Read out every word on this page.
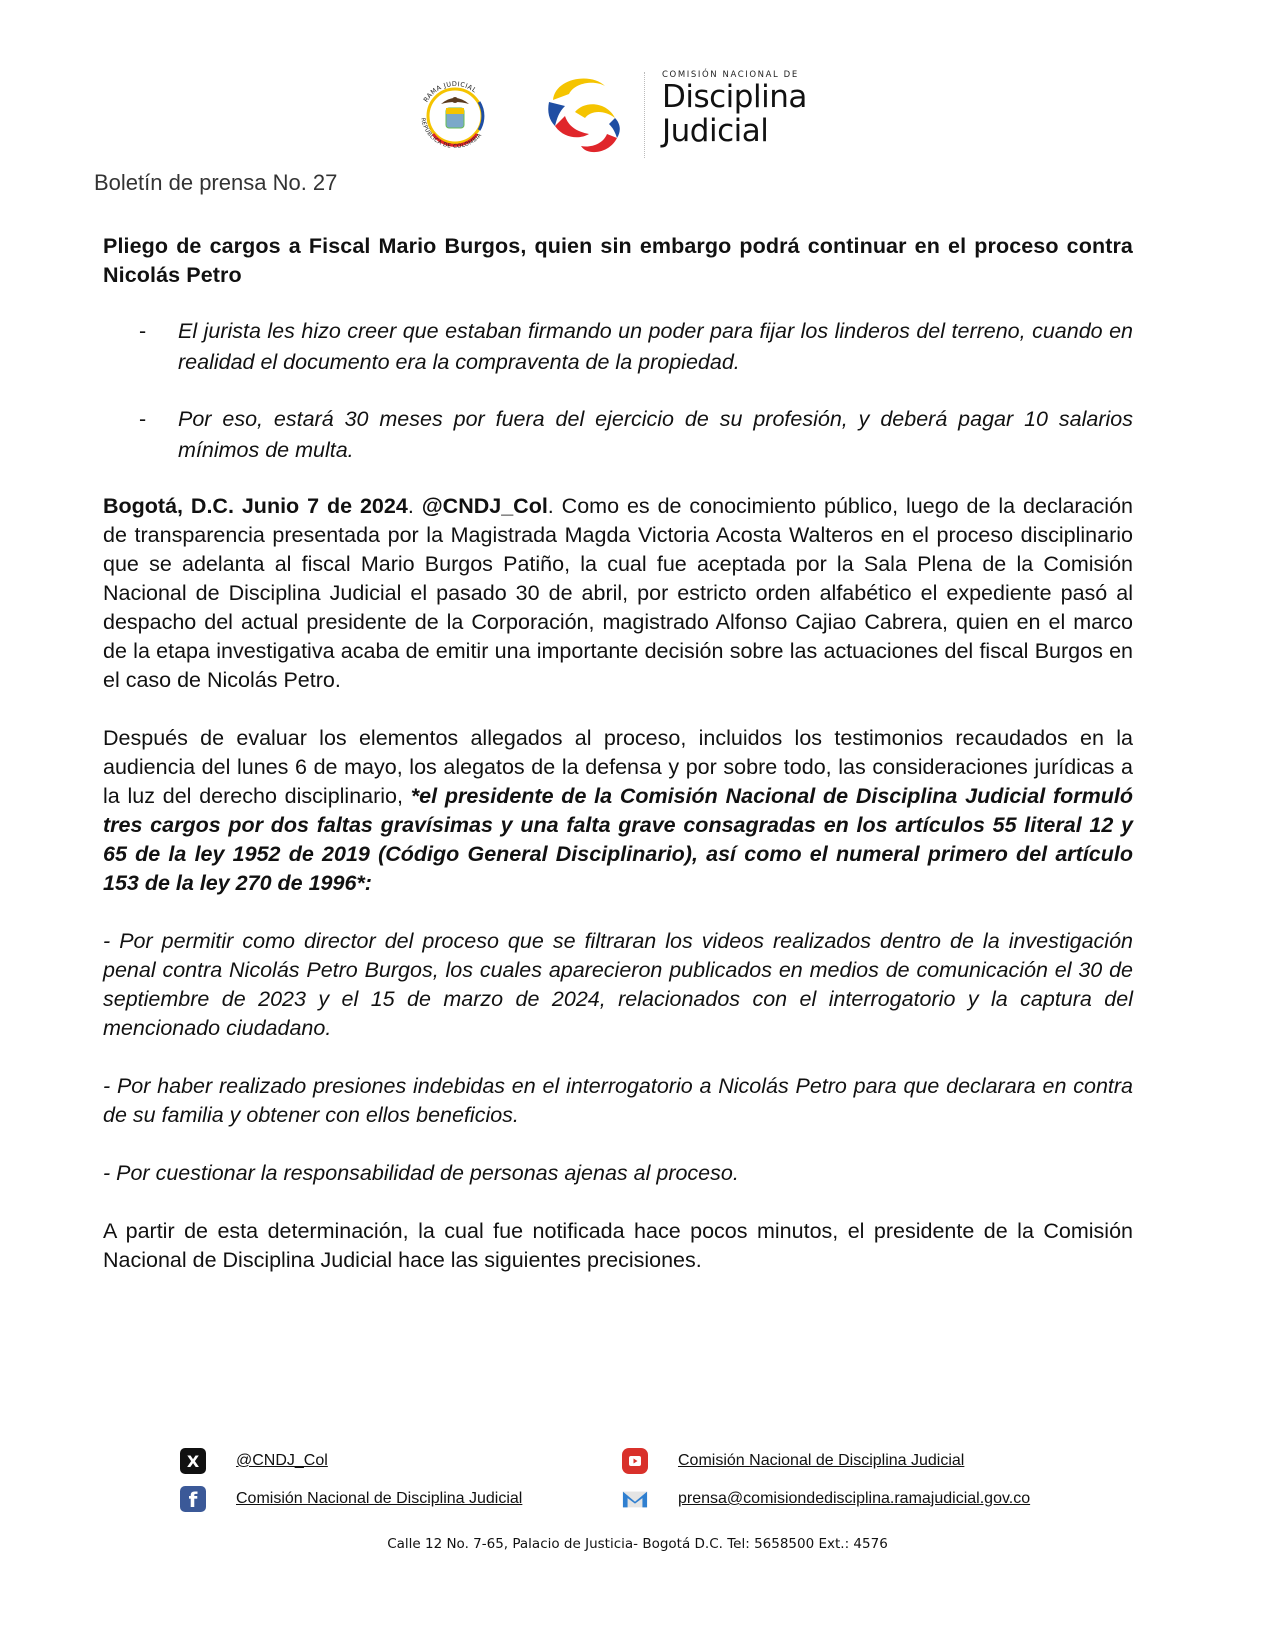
RAMA JUDICIAL
REPÚBLICA DE COLOMBIA
COMISIÓN NACIONAL DE
Disciplina
Judicial
Boletín de prensa No. 27
Pliego de cargos a Fiscal Mario Burgos, quien sin embargo podrá continuar en el proceso contra Nicolás Petro
- El jurista les hizo creer que estaban firmando un poder para fijar los linderos del terreno, cuando en realidad el documento era la compraventa de la propiedad.
- Por eso, estará 30 meses por fuera del ejercicio de su profesión, y deberá pagar 10 salarios mínimos de multa.

Bogotá, D.C. Junio 7 de 2024. @CNDJ_Col. Como es de conocimiento público, luego de la declaración de transparencia presentada por la Magistrada Magda Victoria Acosta Walteros en el proceso disciplinario que se adelanta al fiscal Mario Burgos Patiño, la cual fue aceptada por la Sala Plena de la Comisión Nacional de Disciplina Judicial el pasado 30 de abril, por estricto orden alfabético el expediente pasó al despacho del actual presidente de la Corporación, magistrado Alfonso Cajiao Cabrera, quien en el marco de la etapa investigativa acaba de emitir una importante decisión sobre las actuaciones del fiscal Burgos en el caso de Nicolás Petro.

Después de evaluar los elementos allegados al proceso, incluidos los testimonios recaudados en la audiencia del lunes 6 de mayo, los alegatos de la defensa y por sobre todo, las consideraciones jurídicas a la luz del derecho disciplinario, *el presidente de la Comisión Nacional de Disciplina Judicial formuló tres cargos por dos faltas gravísimas y una falta grave consagradas en los artículos 55 literal 12 y 65 de la ley 1952 de 2019 (Código General Disciplinario), así como el numeral primero del artículo 153 de la ley 270 de 1996*:

- Por permitir como director del proceso que se filtraran los videos realizados dentro de la investigación penal contra Nicolás Petro Burgos, los cuales aparecieron publicados en medios de comunicación el 30 de septiembre de 2023 y el 15 de marzo de 2024, relacionados con el interrogatorio y la captura del mencionado ciudadano.

- Por haber realizado presiones indebidas en el interrogatorio a Nicolás Petro para que declarara en contra de su familia y obtener con ellos beneficios.

- Por cuestionar la responsabilidad de personas ajenas al proceso.

A partir de esta determinación, la cual fue notificada hace pocos minutos, el presidente de la Comisión Nacional de Disciplina Judicial hace las siguientes precisiones.

X	@CNDJ_Col
f	Comisión Nacional de Disciplina Judicial
Comisión Nacional de Disciplina Judicial
prensa@comisiondedisciplina.ramajudicial.gov.co
Calle 12 No. 7-65, Palacio de Justicia- Bogotá D.C. Tel: 5658500 Ext.: 4576
